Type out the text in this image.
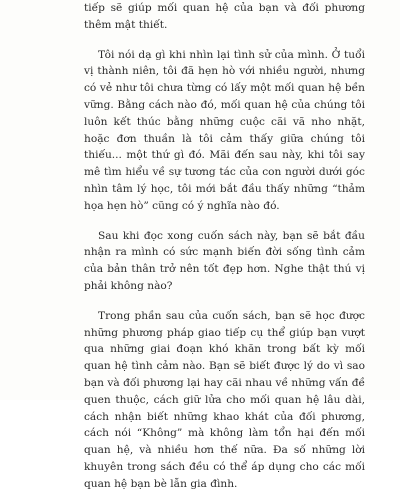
tiếp sẽ giúp mối quan hệ của bạn và đối phương thêm mật thiết.

Tôi nói dạ gì khi nhìn lại tình sử của mình. Ở tuổi vị thành niên, tôi đã hẹn hò với nhiều người, nhưng có vẻ như tôi chưa từng có lấy một mối quan hệ bền vững. Bằng cách nào đó, mối quan hệ của chúng tôi luôn kết thúc bằng những cuộc cãi vã nho nhặt, hoặc đơn thuần là tôi cảm thấy giữa chúng tôi thiếu... một thứ gì đó. Mãi đến sau này, khi tôi say mê tìm hiểu về sự tương tác của con người dưới góc nhìn tâm lý học, tôi mới bắt đầu thấy những “thảm họa hẹn hò” cũng có ý nghĩa nào đó.

Sau khi đọc xong cuốn sách này, bạn sẽ bắt đầu nhận ra mình có sức mạnh biến đời sống tình cảm của bản thân trở nên tốt đẹp hơn. Nghe thật thú vị phải không nào?

Trong phần sau của cuốn sách, bạn sẽ học được những phương pháp giao tiếp cụ thể giúp bạn vượt qua những giai đoạn khó khăn trong bất kỳ mối quan hệ tình cảm nào. Bạn sẽ biết được lý do vì sao bạn và đối phương lại hay cãi nhau về những vấn đề quen thuộc, cách giữ lửa cho mối quan hệ lâu dài, cách nhận biết những khao khát của đối phương, cách nói “Không” mà không làm tổn hại đến mối quan hệ, và nhiều hơn thế nữa. Đa số những lời khuyên trong sách đều có thể áp dụng cho các mối quan hệ bạn bè lẫn gia đình.
